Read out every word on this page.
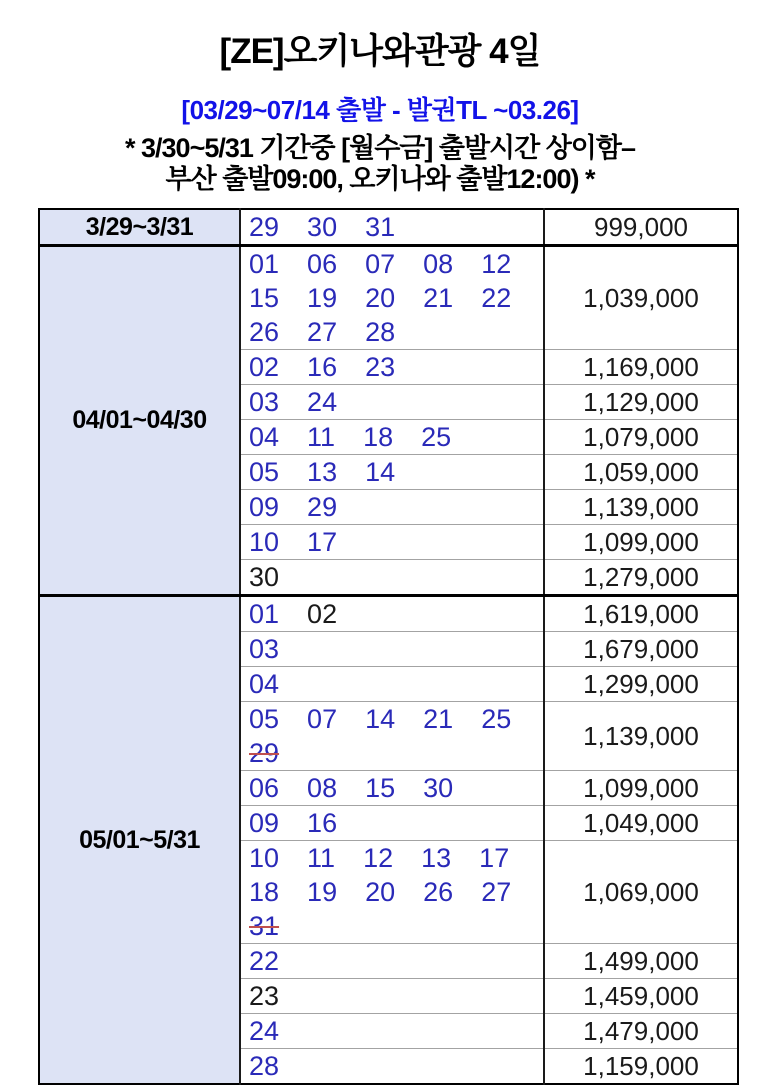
[ZE]오키나와관광 4일
[03/29~07/14 출발 - 발권TL ~03.26]
* 3/30~5/31 기간중 [월수금] 출발시간 상이함–
부산 출발09:00, 오키나와 출발12:00) *
3/29~3/31	29 30 31	999,000
04/01~04/30	01 06 07 08 12
15 19 20 21 22
26 27 28	1,039,000

	02 16 23	1,169,000

	03 24	1,129,000

	04 11 18 25	1,079,000

	05 13 14	1,059,000

	09 29	1,139,000

	10 17	1,099,000

	30	1,279,000
05/01~5/31	01 02	1,619,000

	03	1,679,000

	04	1,299,000

	05 07 14 21 25
29	1,139,000

	06 08 15 30	1,099,000

	09 16	1,049,000

	10 11 12 13 17
18 19 20 26 27
31	1,069,000

	22	1,499,000

	23	1,459,000

	24	1,479,000

	28	1,159,000
